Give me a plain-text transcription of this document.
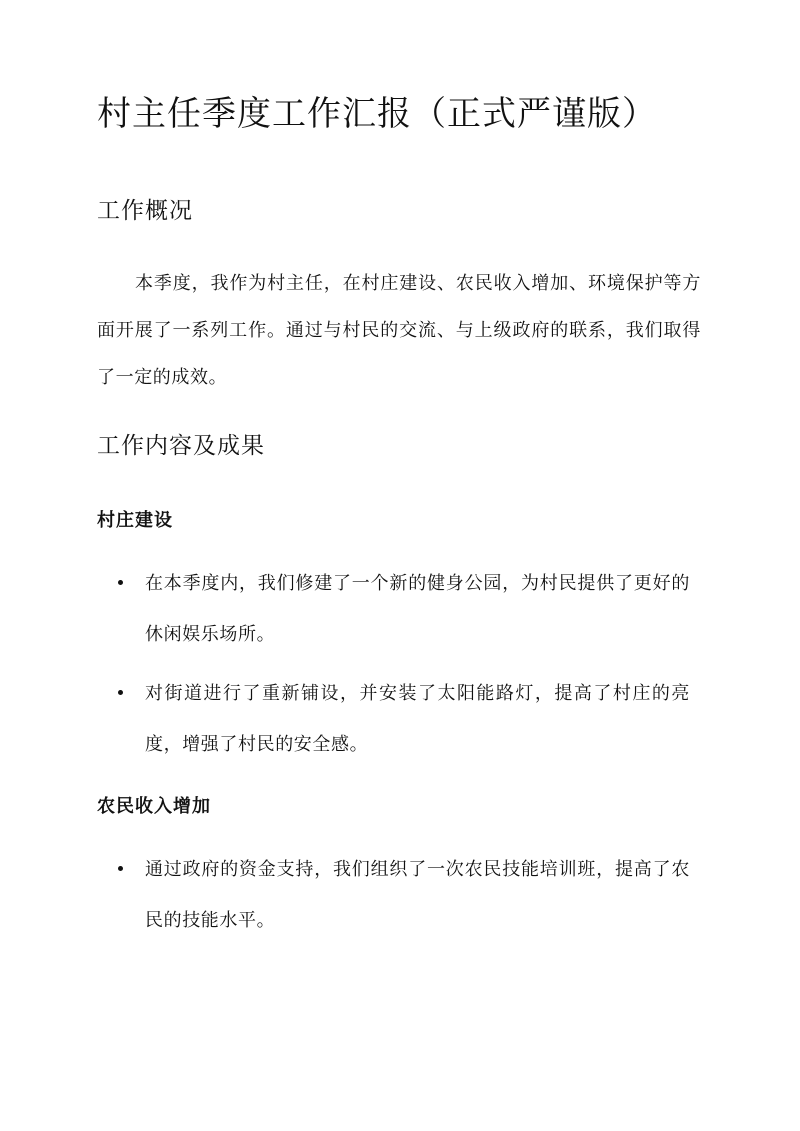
村主任季度工作汇报（正式严谨版）
工作概况

本季度，我作为村主任，在村庄建设、农民收入增加、环境保护等方面开展了一系列工作。通过与村民的交流、与上级政府的联系，我们取得了一定的成效。

工作内容及成果
村庄建设
在本季度内，我们修建了一个新的健身公园，为村民提供了更好的休闲娱乐场所。
对街道进行了重新铺设，并安装了太阳能路灯，提高了村庄的亮度，增强了村民的安全感。
农民收入增加
通过政府的资金支持，我们组织了一次农民技能培训班，提高了农民的技能水平。
